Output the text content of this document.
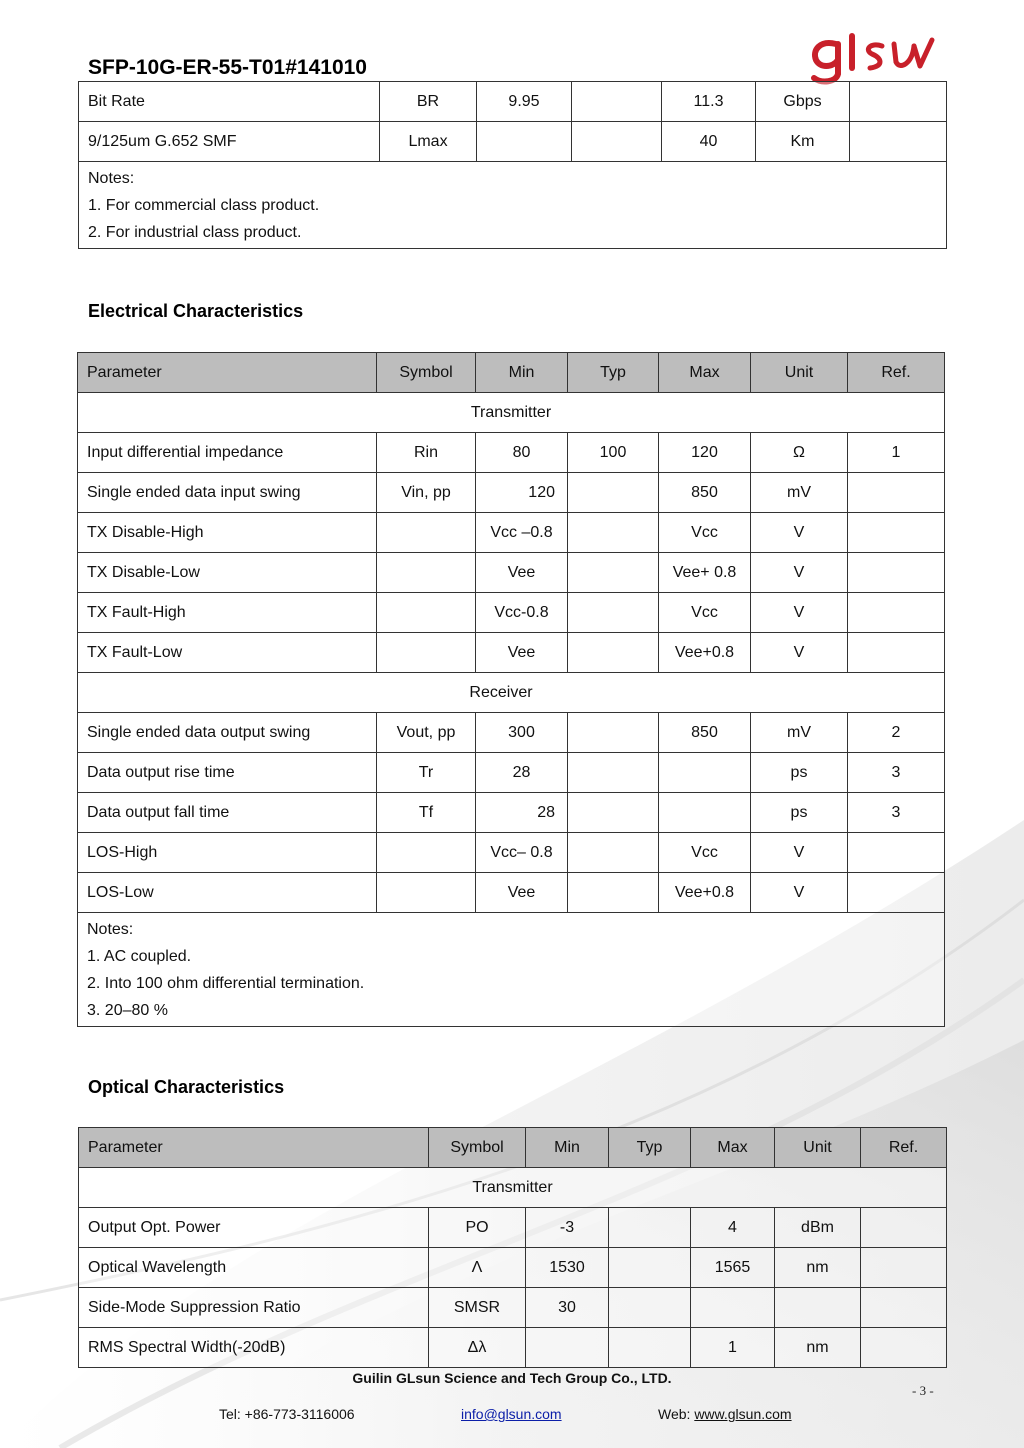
SFP-10G-ER-55-T01#141010
Bit Rate	BR	9.95		11.3	Gbps	
9/125um G.652 SMF	Lmax			40	Km	

Notes:
1. For commercial class product.
2. For industrial class product.						
Electrical Characteristics
Parameter	Symbol	Min	Typ	Max	Unit	Ref.
Transmitter						
Input differential impedance	Rin	80	100	120	Ω	1
Single ended data input swing	Vin, pp	120		850	mV	
TX Disable-High		Vcc –0.8		Vcc	V	
TX Disable-Low		Vee		Vee+ 0.8	V	
TX Fault-High		Vcc-0.8		Vcc	V	
TX Fault-Low		Vee		Vee+0.8	V	
Receiver						
Single ended data output swing	Vout, pp	300		850	mV	2
Data output rise time	Tr	28			ps	3
Data output fall time	Tf	28			ps	3
LOS-High		Vcc– 0.8		Vcc	V	
LOS-Low		Vee		Vee+0.8	V	

Notes:
1. AC coupled.
2. Into 100 ohm differential termination.
3. 20–80 %						
Optical Characteristics
Parameter	Symbol	Min	Typ	Max	Unit	Ref.
Transmitter						
Output Opt. Power	PO	-3		4	dBm	
Optical Wavelength	Λ	1530		1565	nm	
Side-Mode Suppression Ratio	SMSR	30				
RMS Spectral Width(-20dB)	Δλ			1	nm	
Guilin GLsun Science and Tech Group Co., LTD.
- 3 -
Tel: +86-773-3116006	info@glsun.com	Web: www.glsun.com
